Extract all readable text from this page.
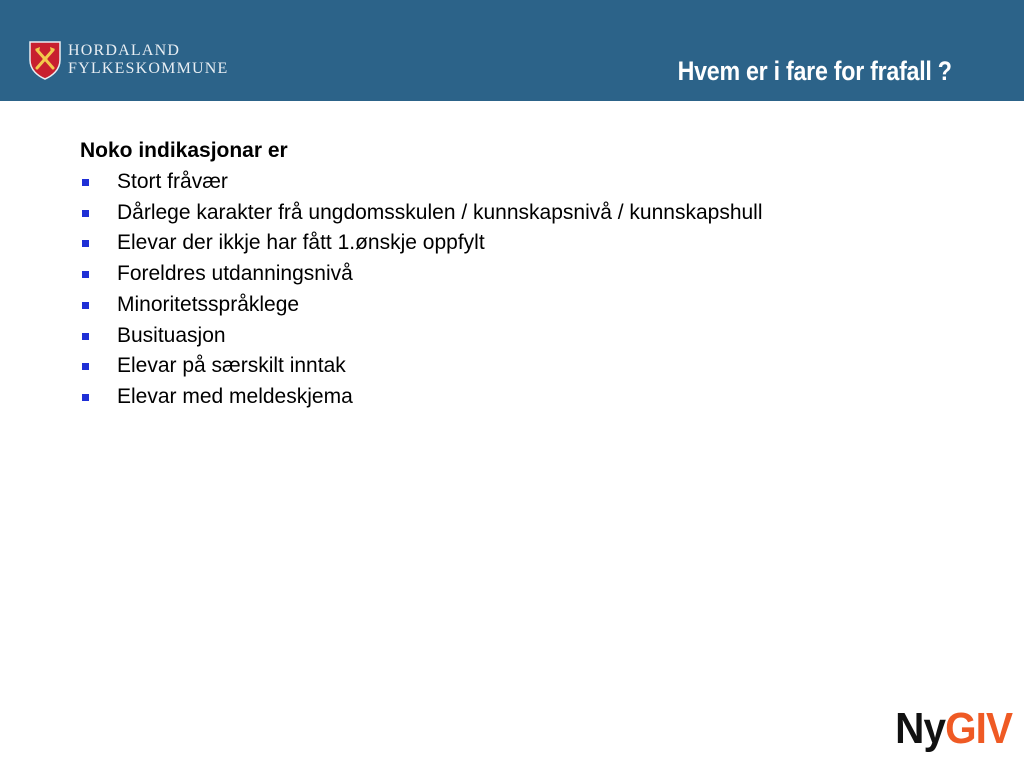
HORDALAND
FYLKESKOMMUNE	Hvem er i fare for frafall ?
Noko indikasjonar er
Stort fråvær
Dårlege karakter frå ungdomsskulen / kunnskapsnivå / kunnskapshull
Elevar der ikkje har fått 1.ønskje oppfylt
Foreldres utdanningsnivå
Minoritetsspråklege
Busituasjon
Elevar på særskilt inntak
Elevar med meldeskjema
NyGIV
